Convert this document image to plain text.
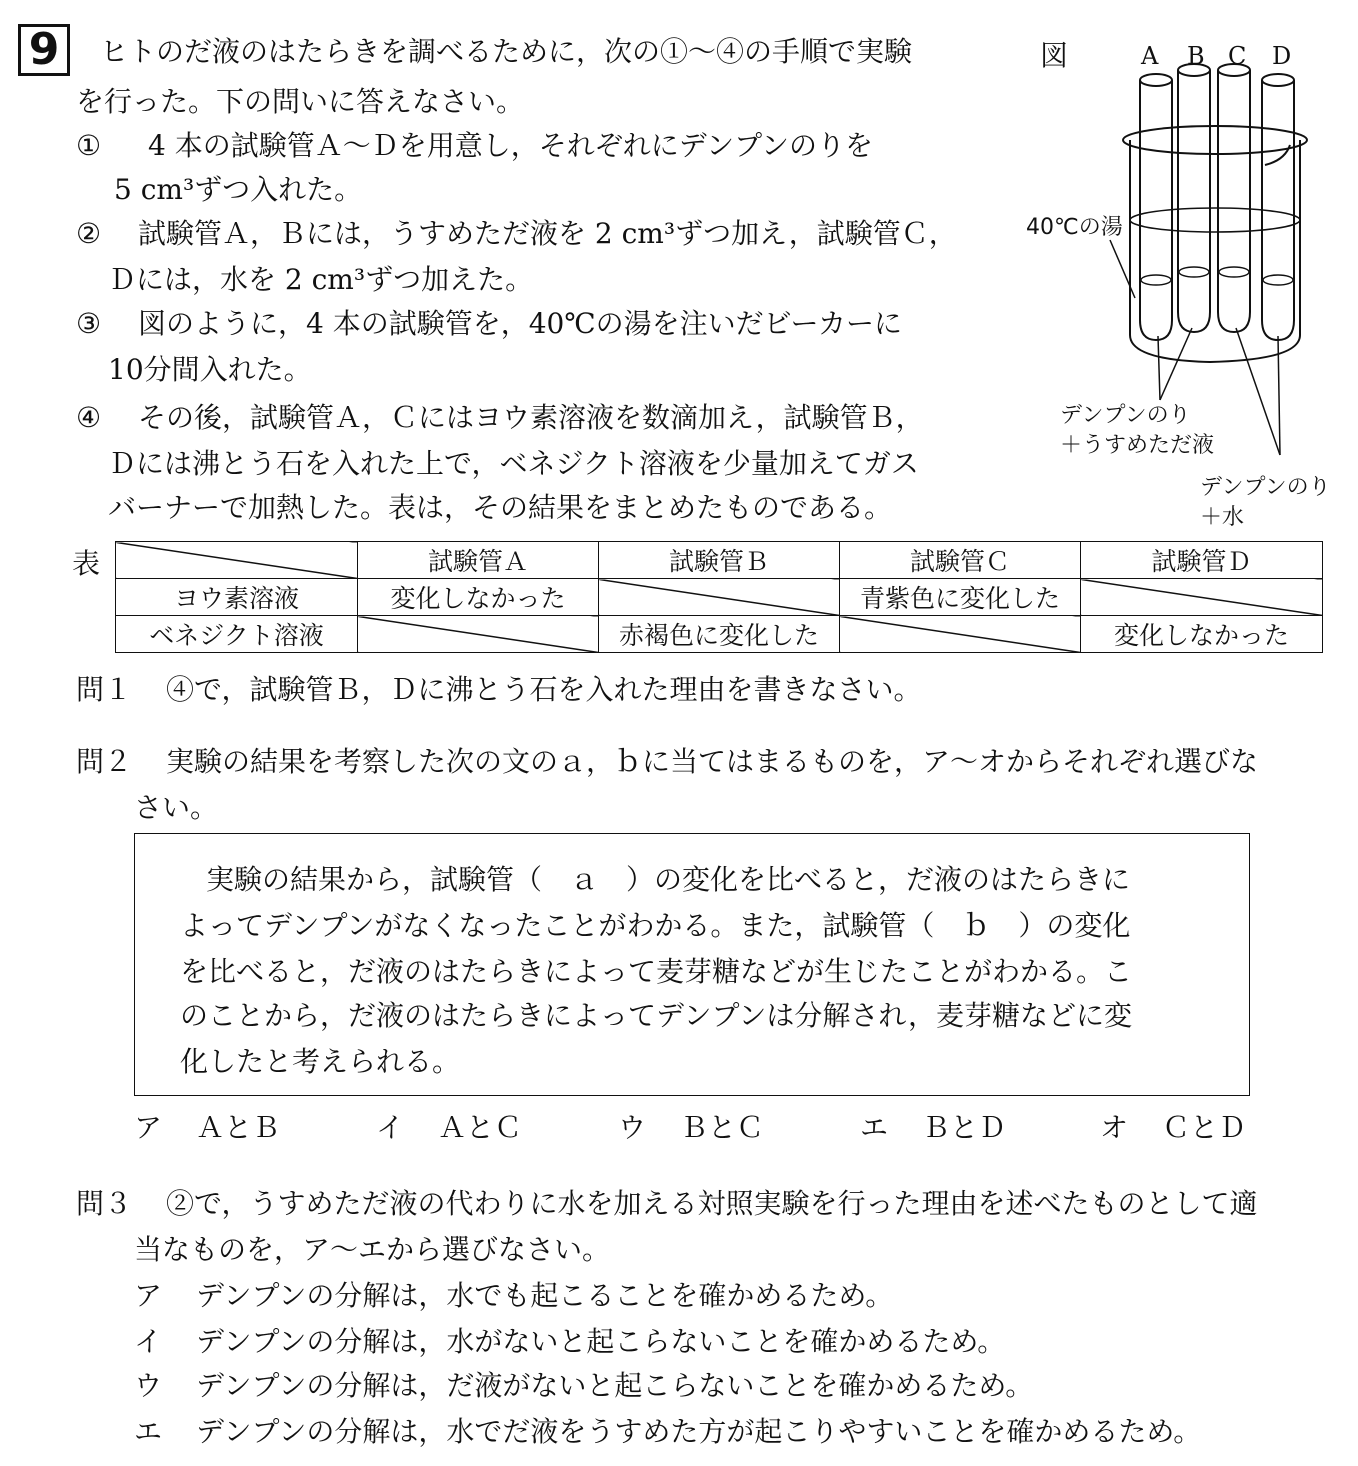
9	ヒトのだ液のはたらきを調べるために，次の①〜④の手順で実験
を行った。下の問いに答えなさい。
① 4 本の試験管Ａ〜Ｄを用意し，それぞれにデンプンのりを
5 cm³ずつ入れた。
② 試験管Ａ，Ｂには，うすめただ液を 2 cm³ずつ加え，試験管Ｃ，
Ｄには，水を 2 cm³ずつ加えた。
③ 図のように，4 本の試験管を，40℃の湯を注いだビーカーに
10分間入れた。
④ その後，試験管Ａ，Ｃにはヨウ素溶液を数滴加え，試験管Ｂ，
Ｄには沸とう石を入れた上で，ベネジクト溶液を少量加えてガス
バーナーで加熱した。表は，その結果をまとめたものである。
図	A B C D
40℃の湯
デンプンのり
＋うすめただ液
デンプンのり
＋水
表
		試験管Ａ	試験管Ｂ	試験管Ｃ	試験管Ｄ
ヨウ素溶液	変化しなかった		青紫色に変化した	
ベネジクト溶液		赤褐色に変化した		変化しなかった
問１ ④で，試験管Ｂ，Ｄに沸とう石を入れた理由を書きなさい。
問２ 実験の結果を考察した次の文のａ，ｂに当てはまるものを，ア〜オからそれぞれ選びな
さい。
実験の結果から，試験管（　ａ　）の変化を比べると，だ液のはたらきに
よってデンプンがなくなったことがわかる。また，試験管（　ｂ　）の変化
を比べると，だ液のはたらきによって麦芽糖などが生じたことがわかる。こ
のことから，だ液のはたらきによってデンプンは分解され，麦芽糖などに変
化したと考えられる。
ア ＡとＢ	イ ＡとＣ	ウ ＢとＣ	エ ＢとＤ	オ ＣとＤ
問３ ②で，うすめただ液の代わりに水を加える対照実験を行った理由を述べたものとして適
当なものを，ア〜エから選びなさい。
ア デンプンの分解は，水でも起こることを確かめるため。
イ デンプンの分解は，水がないと起こらないことを確かめるため。
ウ デンプンの分解は，だ液がないと起こらないことを確かめるため。
エ デンプンの分解は，水でだ液をうすめた方が起こりやすいことを確かめるため。
